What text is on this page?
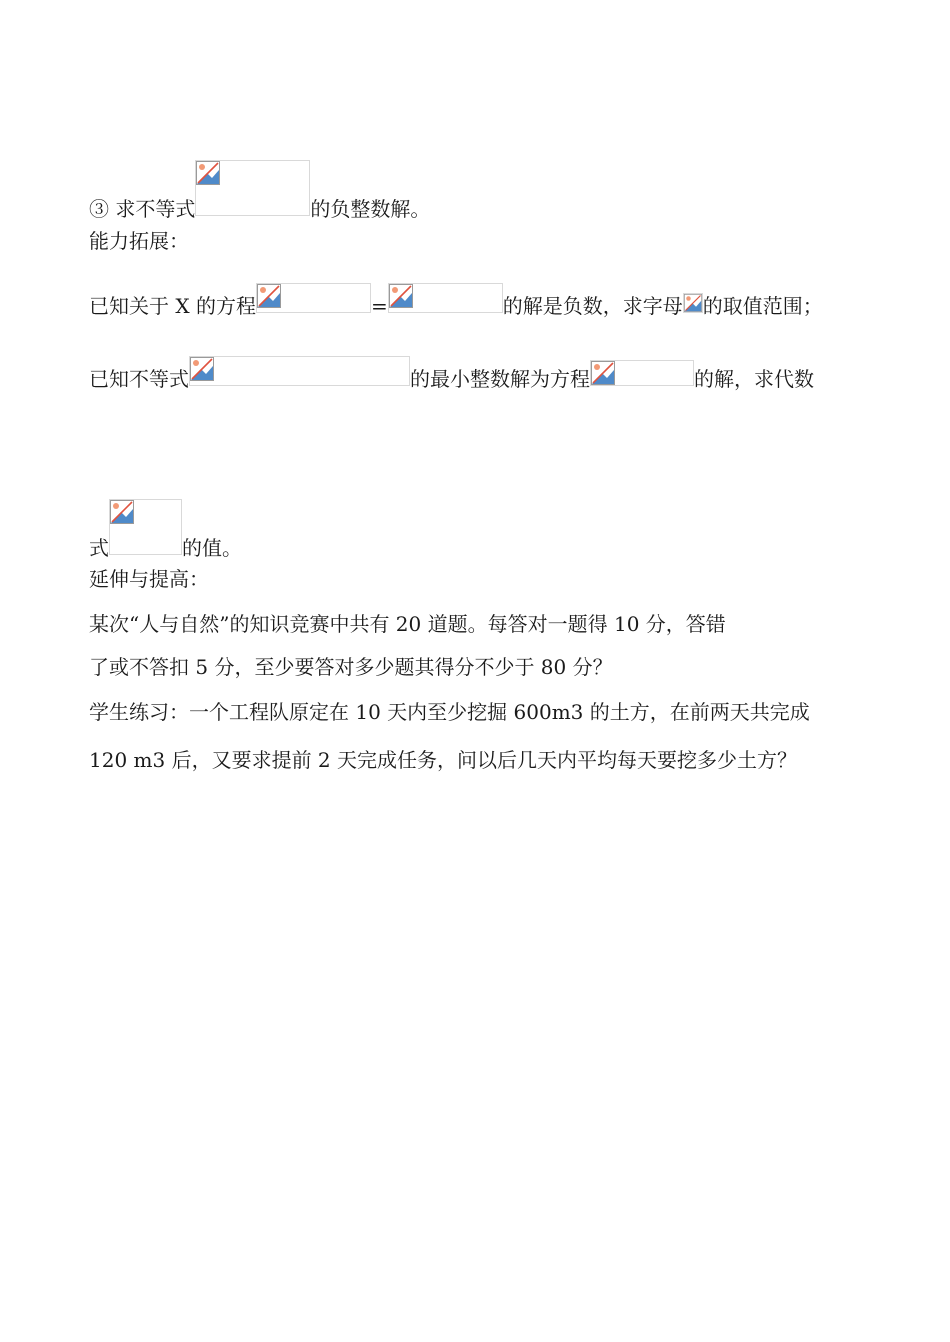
③ 求不等式	的负整数解。
能力拓展：
已知关于 X 的方程	=	的解是负数，求字母 的取值范围；
已知不等式	的最小整数解为方程	的解，求代数
式	的值。
延伸与提高：
某次“人与自然”的知识竞赛中共有 20 道题。每答对一题得 10 分，答错
了或不答扣 5 分，至少要答对多少题其得分不少于 80 分？
学生练习：一个工程队原定在 10 天内至少挖掘 600m3 的土方，在前两天共完成
120 m3 后，又要求提前 2 天完成任务，问以后几天内平均每天要挖多少土方？
